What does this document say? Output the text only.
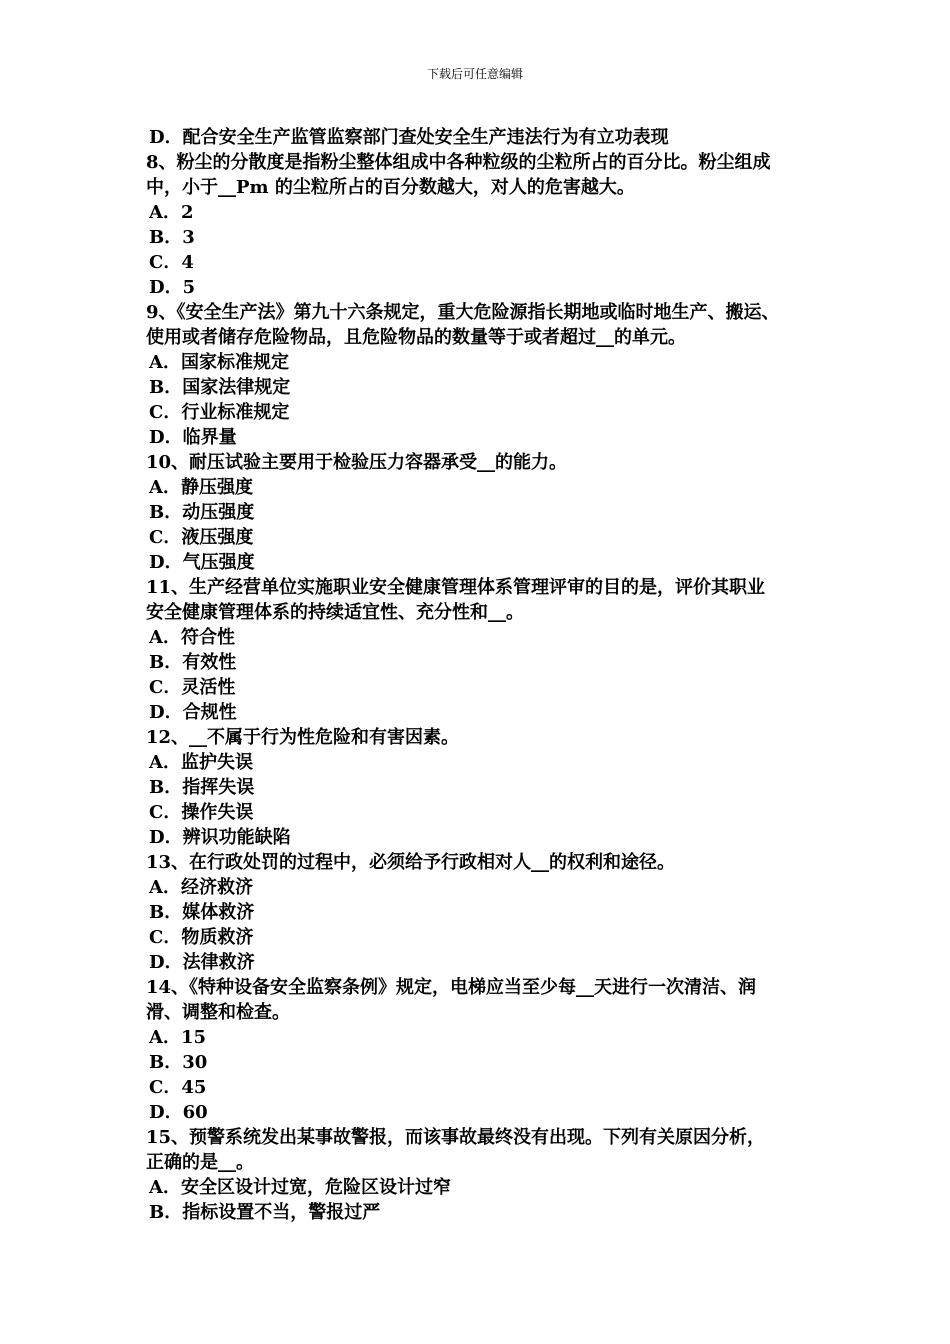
下载后可任意编辑
D．配合安全生产监管监察部门查处安全生产违法行为有立功表现
8、粉尘的分散度是指粉尘整体组成中各种粒级的尘粒所占的百分比。粉尘组成
中，小于__Pm 的尘粒所占的百分数越大，对人的危害越大。
A．2
B．3
C．4
D．5
9、《安全生产法》第九十六条规定，重大危险源指长期地或临时地生产、搬运、
使用或者储存危险物品，且危险物品的数量等于或者超过__的单元。
A．国家标准规定
B．国家法律规定
C．行业标准规定
D．临界量
10、耐压试验主要用于检验压力容器承受__的能力。
A．静压强度
B．动压强度
C．液压强度
D．气压强度
11、生产经营单位实施职业安全健康管理体系管理评审的目的是，评价其职业
安全健康管理体系的持续适宜性、充分性和__。
A．符合性
B．有效性
C．灵活性
D．合规性
12、__不属于行为性危险和有害因素。
A．监护失误
B．指挥失误
C．操作失误
D．辨识功能缺陷
13、在行政处罚的过程中，必须给予行政相对人__的权利和途径。
A．经济救济
B．媒体救济
C．物质救济
D．法律救济
14、《特种设备安全监察条例》规定，电梯应当至少每__天进行一次清洁、润
滑、调整和检查。
A．15
B．30
C．45
D．60
15、预警系统发出某事故警报，而该事故最终没有出现。下列有关原因分析，
正确的是__。
A．安全区设计过宽，危险区设计过窄
B．指标设置不当，警报过严
